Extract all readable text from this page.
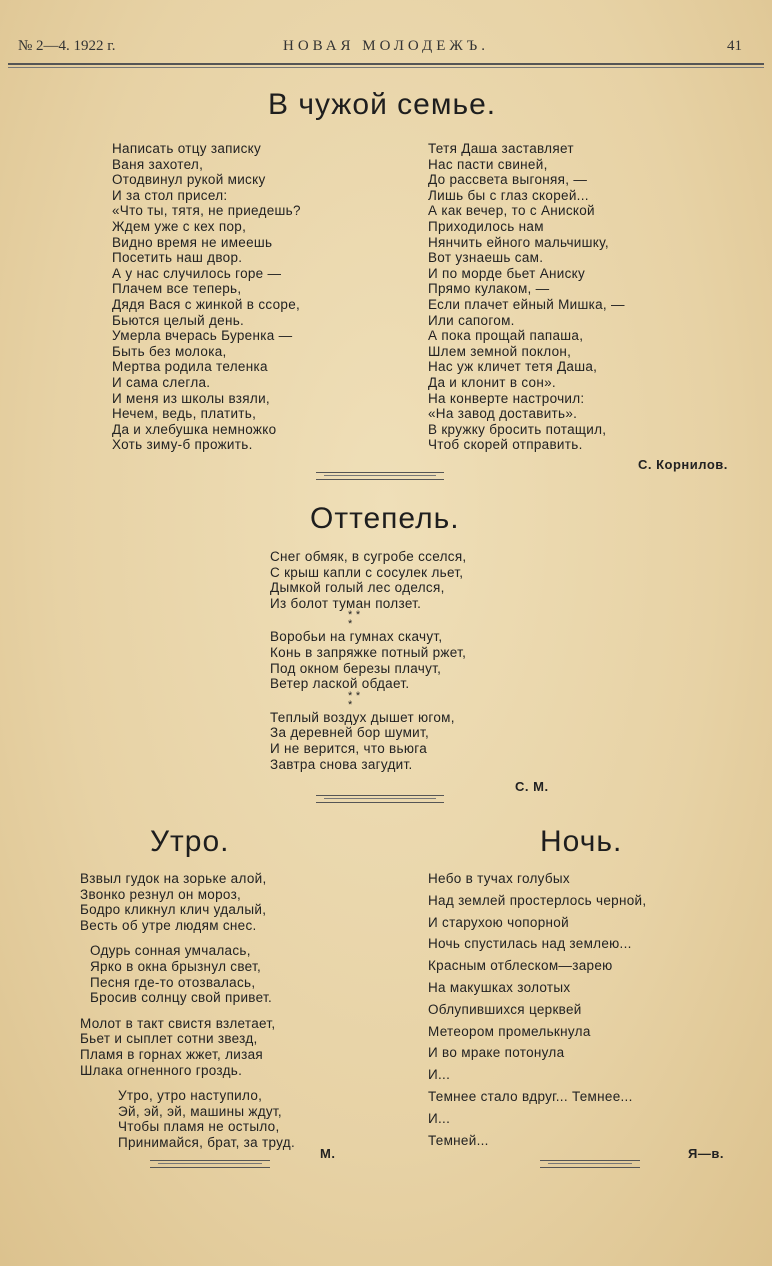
№ 2—4. 1922 г.	НОВАЯ МОЛОДЕЖЪ.	41
В чужой семье.
Написать отцу записку
Ваня захотел,
Отодвинул рукой миску
И за стол присел:
«Что ты, тятя, не приедешь?
Ждем уже с кех пор,
Видно время не имеешь
Посетить наш двор.
А у нас случилось горе —
Плачем все теперь,
Дядя Вася с жинкой в ссоре,
Бьются целый день.
Умерла вчерась Буренка —
Быть без молока,
Мертва родила теленка
И сама слегла.
И меня из школы взяли,
Нечем, ведь, платить,
Да и хлебушка немножко
Хоть зиму-б прожить.
Тетя Даша заставляет
Нас пасти свиней,
До рассвета выгоняя, —
Лишь бы с глаз скорей...
А как вечер, то с Аниской
Приходилось нам
Нянчить ейного мальчишку,
Вот узнаешь сам.
И по морде бьет Аниску
Прямо кулаком, —
Если плачет ейный Мишка, —
Или сапогом.
А пока прощай папаша,
Шлем земной поклон,
Нас уж кличет тетя Даша,
Да и клонит в сон».
На конверте настрочил:
«На завод доставить».
В кружку бросить потащил,
Чтоб скорей отправить.
С. Корнилов.
Оттепель.
Снег обмяк, в сугробе сселся,
С крыш капли с сосулек льет,
Дымкой голый лес оделся,
Из болот туман ползет.
* *
*
Воробьи на гумнах скачут,
Конь в запряжке потный ржет,
Под окном березы плачут,
Ветер лаской обдает.
* *
*
Теплый воздух дышет югом,
За деревней бор шумит,
И не верится, что вьюга
Завтра снова загудит.
С. М.
Утро.
Взвыл гудок на зорьке алой,
Звонко резнул он мороз,
Бодро кликнул клич удалый,
Весть об утре людям снес.
Одурь сонная умчалась,
Ярко в окна брызнул свет,
Песня где-то отозвалась,
Бросив солнцу свой привет.
Молот в такт свистя взлетает,
Бьет и сыплет сотни звезд,
Пламя в горнах жжет, лизая
Шлака огненного гроздь.
Утро, утро наступило,
Эй, эй, эй, машины ждут,
Чтобы пламя не остыло,
Принимайся, брат, за труд.
М.
Ночь.
Небо в тучах голубых
Над землей простерлось черной,
И старухою чопорной
Ночь спустилась над землею...
Красным отблеском—зарею
На макушках золотых
Облупившихся церквей
Метеором промелькнула
И во мраке потонула
И...
Темнее стало вдруг... Темнее...
И...
Темней...
Я—в.
